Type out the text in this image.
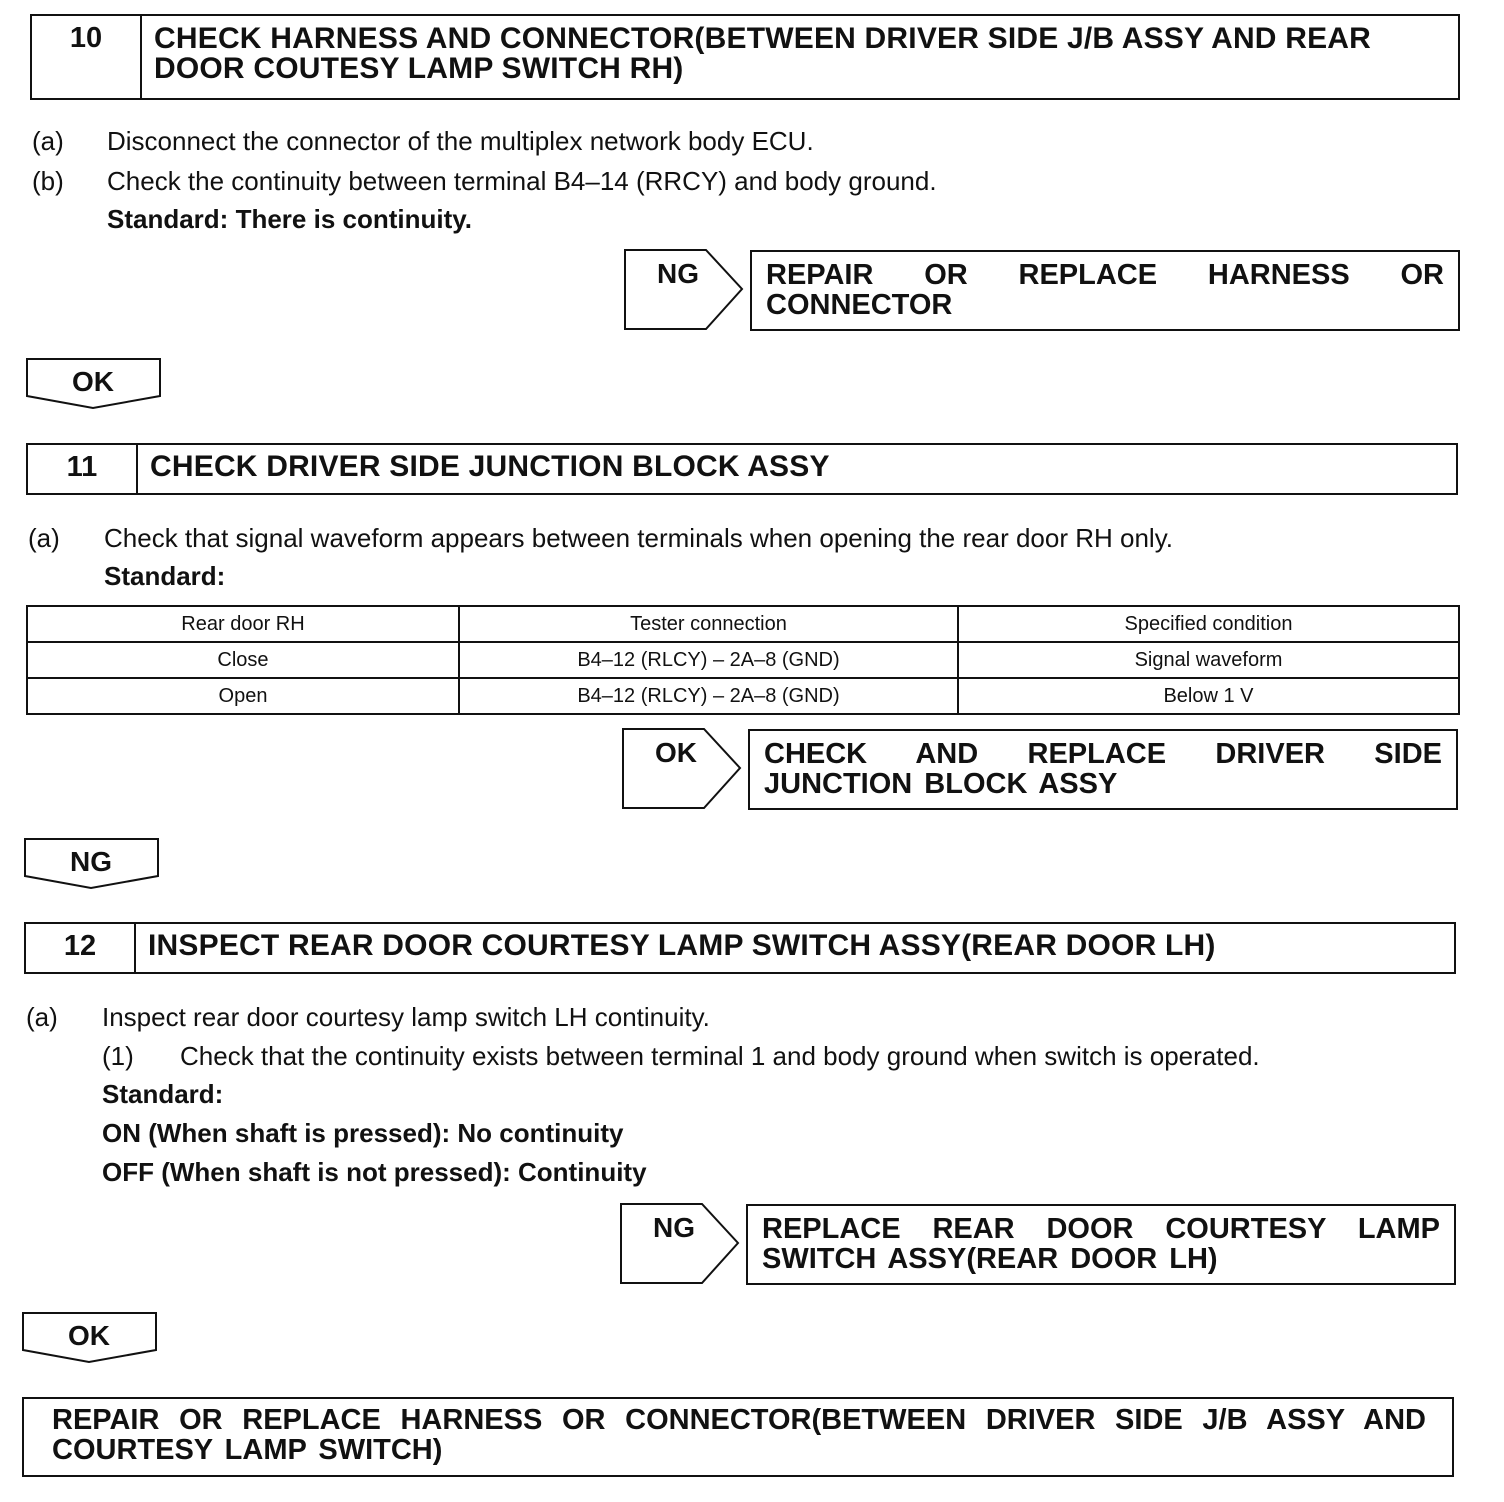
10	CHECK HARNESS AND CONNECTOR(BETWEEN DRIVER SIDE J/B ASSY AND REAR DOOR COUTESY LAMP SWITCH RH)
(a) Disconnect the connector of the multiplex network body ECU.
(b) Check the continuity between terminal B4–14 (RRCY) and body ground.
Standard: There is continuity.
NG	REPAIR OR REPLACE HARNESS OR CONNECTOR
OK
11	CHECK DRIVER SIDE JUNCTION BLOCK ASSY
(a) Check that signal waveform appears between terminals when opening the rear door RH only.
Standard:
Rear door RH	Tester connection	Specified condition
Close	B4–12 (RLCY) – 2A–8 (GND)	Signal waveform
Open	B4–12 (RLCY) – 2A–8 (GND)	Below 1 V
OK	CHECK AND REPLACE DRIVER SIDE JUNCTION BLOCK ASSY
NG
12	INSPECT REAR DOOR COURTESY LAMP SWITCH ASSY(REAR DOOR LH)
(a) Inspect rear door courtesy lamp switch LH continuity.
(1) Check that the continuity exists between terminal 1 and body ground when switch is operated.
Standard:
ON (When shaft is pressed): No continuity
OFF (When shaft is not pressed): Continuity
NG	REPLACE REAR DOOR COURTESY LAMP SWITCH ASSY(REAR DOOR LH)
OK
REPAIR OR REPLACE HARNESS OR CONNECTOR(BETWEEN DRIVER SIDE J/B ASSY AND COURTESY LAMP SWITCH)
